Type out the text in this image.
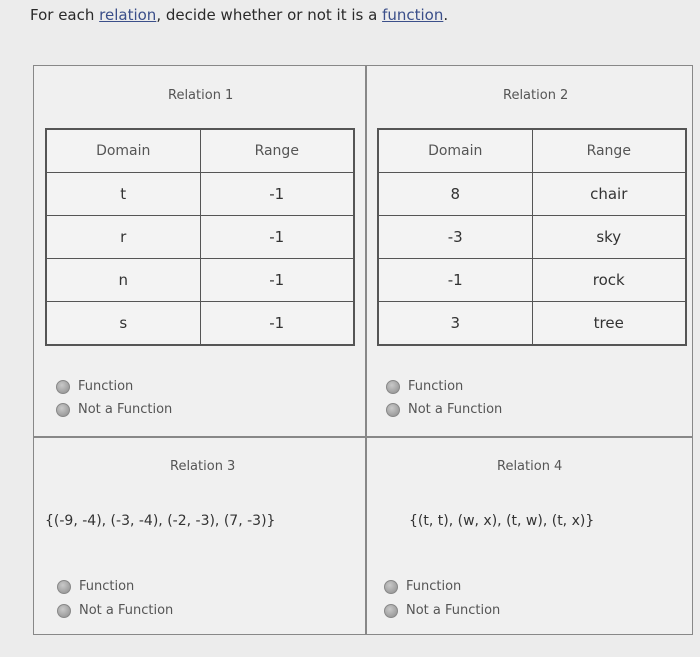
For each relation, decide whether or not it is a function.
Relation 1
Domain	Range
t	-1
r	-1
n	-1
s	-1
Function
Not a Function
Relation 2
Domain	Range
8	chair
-3	sky
-1	rock
3	tree
Function
Not a Function
Relation 3
{(-9, -4), (-3, -4), (-2, -3), (7, -3)}
Function
Not a Function
Relation 4
{(t, t), (w, x), (t, w), (t, x)}
Function
Not a Function
